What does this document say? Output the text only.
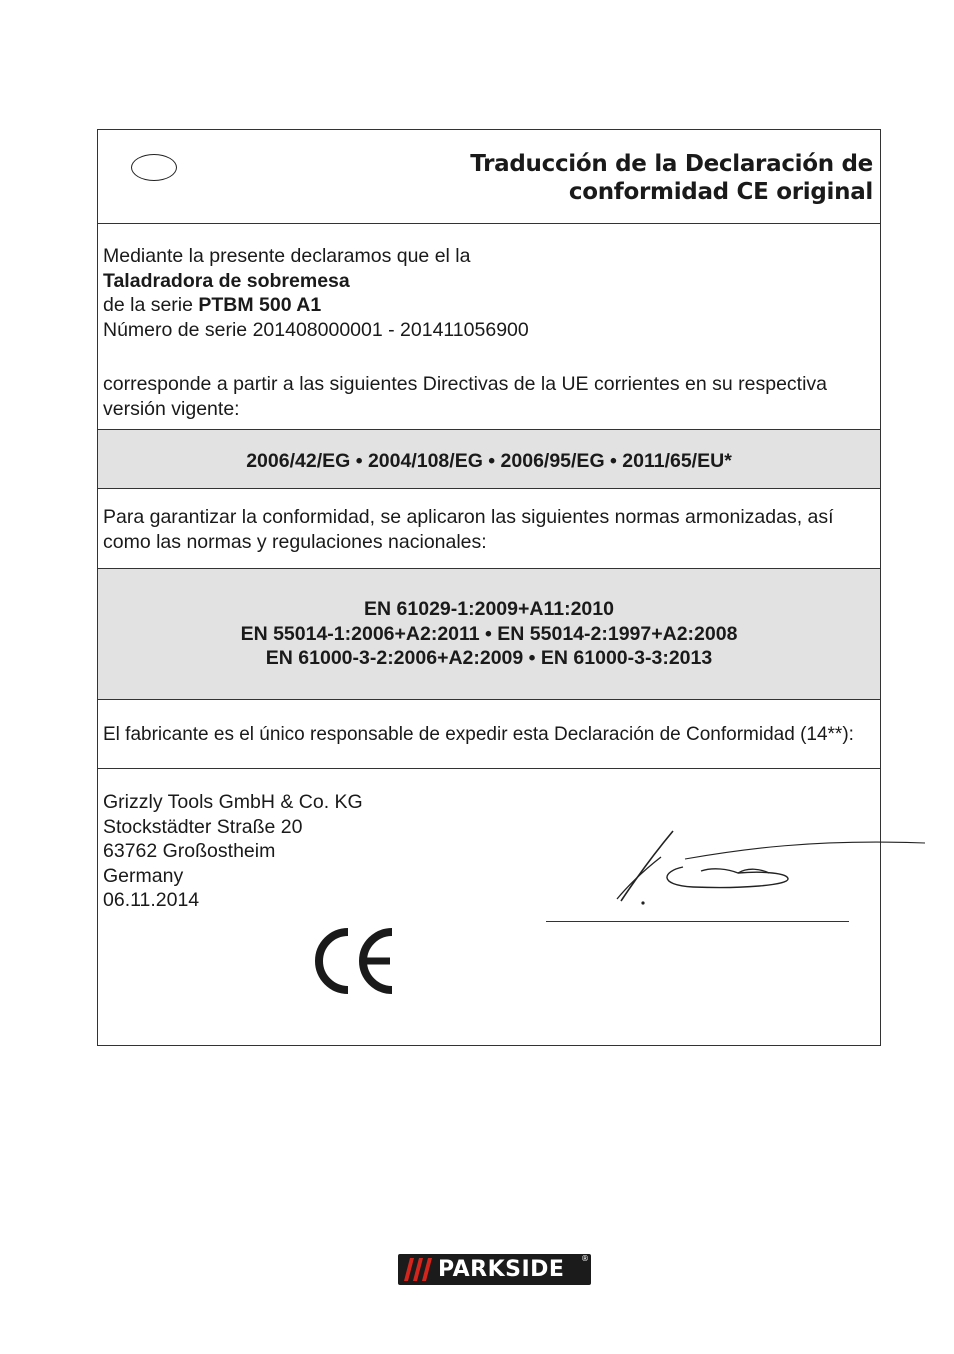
Traducción de la Declaración de
conformidad CE original

Mediante la presente declaramos que el la

Taladradora de sobremesa

de la serie PTBM 500 A1

Número de serie 201408000001 - 201411056900

corresponde a partir a las siguientes Directivas de la UE corrientes en su respectiva

versión vigente:

2006/42/EG • 2004/108/EG • 2006/95/EG • 2011/65/EU*
Para garantizar la conformidad, se aplicaron las siguientes normas armonizadas, así
como las normas y regulaciones nacionales:
EN 61029-1:2009+A11:2010
EN 55014-1:2006+A2:2011 • EN 55014-2:1997+A2:2008
EN 61000-3-2:2006+A2:2009 • EN 61000-3-3:2013
El fabricante es el único responsable de expedir esta Declaración de Conformidad (14**):
Grizzly Tools GmbH & Co. KG
Stockstädter Straße 20
63762 Großostheim
Germany
06.11.2014
PARKSIDE ®
